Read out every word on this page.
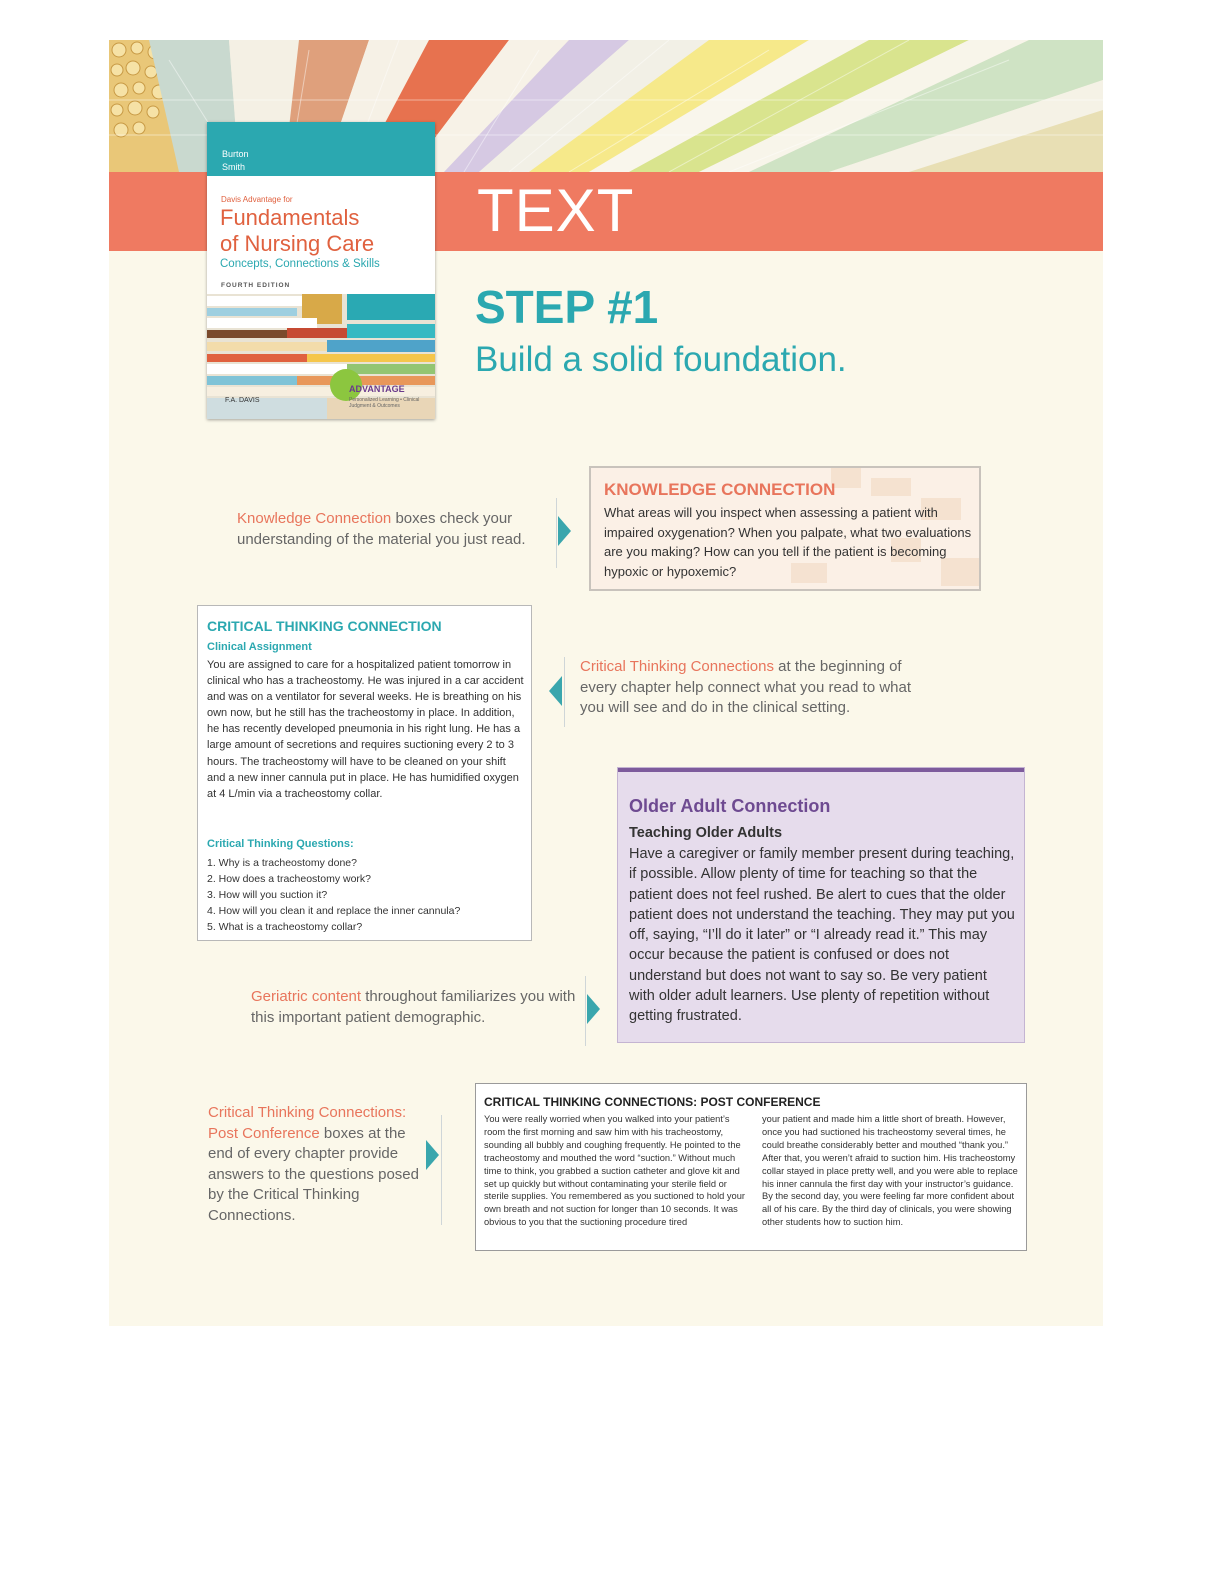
TEXT
Burton
Smith
Davis Advantage for
Fundamentals
of Nursing Care
Concepts, Connections & Skills
FOURTH EDITION
ADVANTAGE
Personalized Learning • Clinical Judgment & Outcomes
F.A. DAVIS
STEP #1
Build a solid foundation.
Knowledge Connection boxes check your understanding of the material you just read.
KNOWLEDGE CONNECTION
What areas will you inspect when assessing a patient with impaired oxygenation? When you palpate, what two evaluations are you making? How can you tell if the patient is becoming hypoxic or hypoxemic?
CRITICAL THINKING CONNECTION
Clinical Assignment
You are assigned to care for a hospitalized patient tomorrow in clinical who has a tracheostomy. He was injured in a car accident and was on a ventilator for several weeks. He is breathing on his own now, but he still has the tracheostomy in place. In addition, he has recently developed pneumonia in his right lung. He has a large amount of secretions and requires suctioning every 2 to 3 hours. The tracheostomy will have to be cleaned on your shift and a new inner cannula put in place. He has humidified oxygen at 4 L/min via a tracheostomy collar.
Critical Thinking Questions:
1. Why is a tracheostomy done?
2. How does a tracheostomy work?
3. How will you suction it?
4. How will you clean it and replace the inner cannula?
5. What is a tracheostomy collar?
Critical Thinking Connections at the beginning of every chapter help connect what you read to what you will see and do in the clinical setting.
Older Adult Connection
Teaching Older Adults
Have a caregiver or family member present during teaching, if possible. Allow plenty of time for teaching so that the patient does not feel rushed. Be alert to cues that the older patient does not understand the teaching. They may put you off, saying, “I’ll do it later” or “I already read it.” This may occur because the patient is confused or does not understand but does not want to say so. Be very patient with older adult learners. Use plenty of repetition without getting frustrated.
Geriatric content throughout familiarizes you with this important patient demographic.
Critical Thinking Connections: Post Conference boxes at the end of every chapter provide answers to the questions posed by the Critical Thinking Connections.
CRITICAL THINKING CONNECTIONS: POST CONFERENCE
You were really worried when you walked into your patient’s room the first morning and saw him with his tracheostomy, sounding all bubbly and coughing frequently. He pointed to the tracheostomy and mouthed the word “suction.” Without much time to think, you grabbed a suction catheter and glove kit and set up quickly but without contaminating your sterile field or sterile supplies. You remembered as you suctioned to hold your own breath and not suction for longer than 10 seconds. It was obvious to you that the suctioning procedure tired
your patient and made him a little short of breath. However, once you had suctioned his tracheostomy several times, he could breathe considerably better and mouthed “thank you.” After that, you weren’t afraid to suction him. His tracheostomy collar stayed in place pretty well, and you were able to replace his inner cannula the first day with your instructor’s guidance. By the second day, you were feeling far more confident about all of his care. By the third day of clinicals, you were showing other students how to suction him.
